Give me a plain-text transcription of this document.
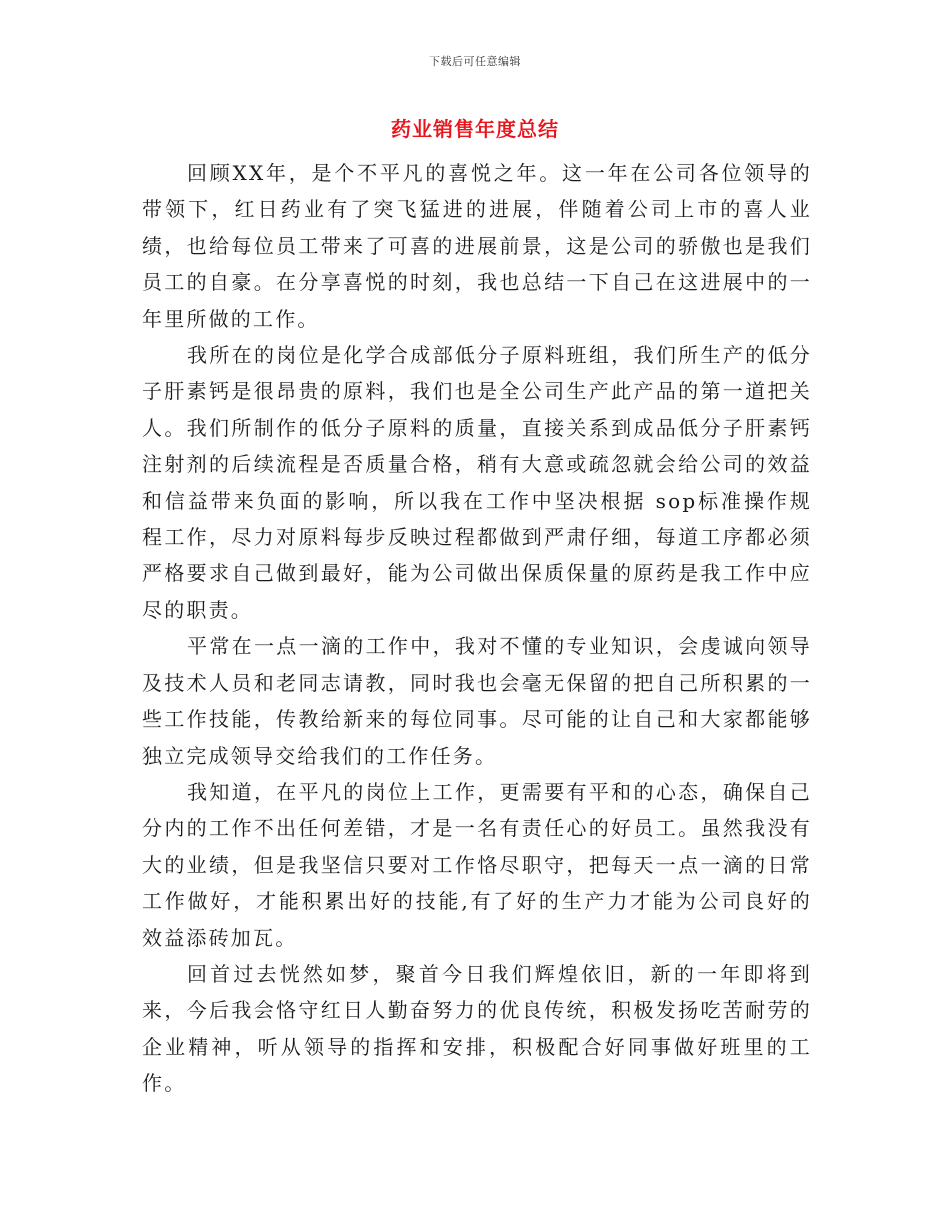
下载后可任意编辑
药业销售年度总结

回顾XX年，是个不平凡的喜悦之年。这一年在公司各位领导的带领下，红日药业有了突飞猛进的进展，伴随着公司上市的喜人业绩，也给每位员工带来了可喜的进展前景，这是公司的骄傲也是我们员工的自豪。在分享喜悦的时刻，我也总结一下自己在这进展中的一年里所做的工作。

我所在的岗位是化学合成部低分子原料班组，我们所生产的低分子肝素钙是很昂贵的原料，我们也是全公司生产此产品的第一道把关人。我们所制作的低分子原料的质量，直接关系到成品低分子肝素钙注射剂的后续流程是否质量合格，稍有大意或疏忽就会给公司的效益和信益带来负面的影响，所以我在工作中坚决根据 sop标准操作规程工作，尽力对原料每步反映过程都做到严肃仔细，每道工序都必须严格要求自己做到最好，能为公司做出保质保量的原药是我工作中应尽的职责。

平常在一点一滴的工作中，我对不懂的专业知识，会虔诚向领导及技术人员和老同志请教，同时我也会毫无保留的把自己所积累的一些工作技能，传教给新来的每位同事。尽可能的让自己和大家都能够独立完成领导交给我们的工作任务。

我知道，在平凡的岗位上工作，更需要有平和的心态，确保自己分内的工作不出任何差错，才是一名有责任心的好员工。虽然我没有大的业绩，但是我坚信只要对工作恪尽职守，把每天一点一滴的日常工作做好，才能积累出好的技能,有了好的生产力才能为公司良好的效益添砖加瓦。

回首过去恍然如梦，聚首今日我们辉煌依旧，新的一年即将到来，今后我会恪守红日人勤奋努力的优良传统，积极发扬吃苦耐劳的企业精神，听从领导的指挥和安排，积极配合好同事做好班里的工作。
